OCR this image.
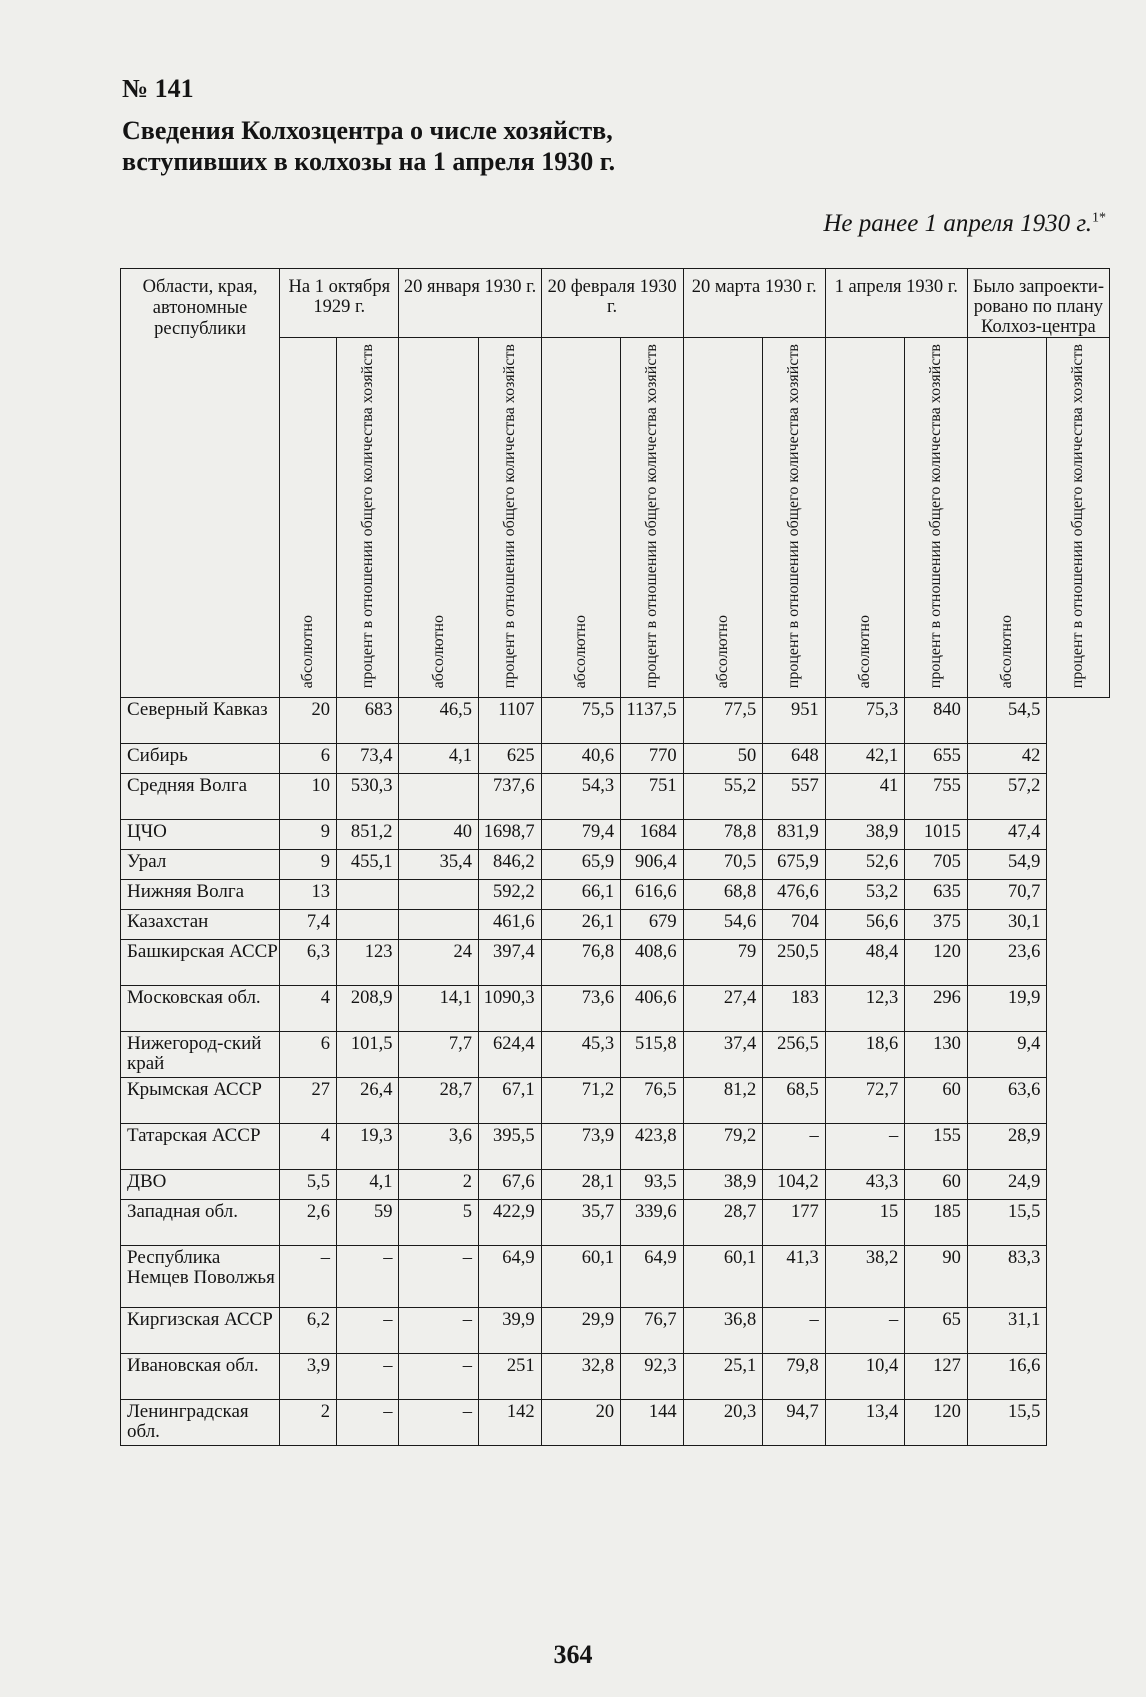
№ 141
Сведения Колхозцентра о числе хозяйств,
вступивших в колхозы на 1 апреля 1930 г.
Не ранее 1 апреля 1930 г.$^{1*}$
Области, края, автономные республики	На 1 октября 1929 г.		20 января 1930 г.		20 февраля 1930 г.		20 марта 1930 г.		1 апреля 1930 г.		Было запроекти-ровано по плану Колхоз-центра	
	абсолютно	процент в отношении общего количества хозяйств	абсолютно	процент в отношении общего количества хозяйств	абсолютно	процент в отношении общего количества хозяйств	абсолютно	процент в отношении общего количества хозяйств	абсолютно	процент в отношении общего количества хозяйств	абсолютно	процент в отношении общего количества хозяйств
Северный Кавказ	20	683	46,5	1107	75,5	1137,5	77,5	951	75,3	840	54,5	
Сибирь	6	73,4	4,1	625	40,6	770	50	648	42,1	655	42	
Средняя Волга	10	530,3		737,6	54,3	751	55,2	557	41	755	57,2	
ЦЧО	9	851,2	40	1698,7	79,4	1684	78,8	831,9	38,9	1015	47,4	
Урал	9	455,1	35,4	846,2	65,9	906,4	70,5	675,9	52,6	705	54,9	
Нижняя Волга	13			592,2	66,1	616,6	68,8	476,6	53,2	635	70,7	
Казахстан	7,4			461,6	26,1	679	54,6	704	56,6	375	30,1	
Башкирская АССР	6,3	123	24	397,4	76,8	408,6	79	250,5	48,4	120	23,6	
Московская обл.	4	208,9	14,1	1090,3	73,6	406,6	27,4	183	12,3	296	19,9	
Нижегород-ский край	6	101,5	7,7	624,4	45,3	515,8	37,4	256,5	18,6	130	9,4	
Крымская АССР	27	26,4	28,7	67,1	71,2	76,5	81,2	68,5	72,7	60	63,6	
Татарская АССР	4	19,3	3,6	395,5	73,9	423,8	79,2	–	–	155	28,9	
ДВО	5,5	4,1	2	67,6	28,1	93,5	38,9	104,2	43,3	60	24,9	
Западная обл.	2,6	59	5	422,9	35,7	339,6	28,7	177	15	185	15,5	
Республика Немцев Поволжья	–	–	–	64,9	60,1	64,9	60,1	41,3	38,2	90	83,3	
Киргизская АССР	6,2	–	–	39,9	29,9	76,7	36,8	–	–	65	31,1	
Ивановская обл.	3,9	–	–	251	32,8	92,3	25,1	79,8	10,4	127	16,6	
Ленинградская обл.	2	–	–	142	20	144	20,3	94,7	13,4	120	15,5	
364
